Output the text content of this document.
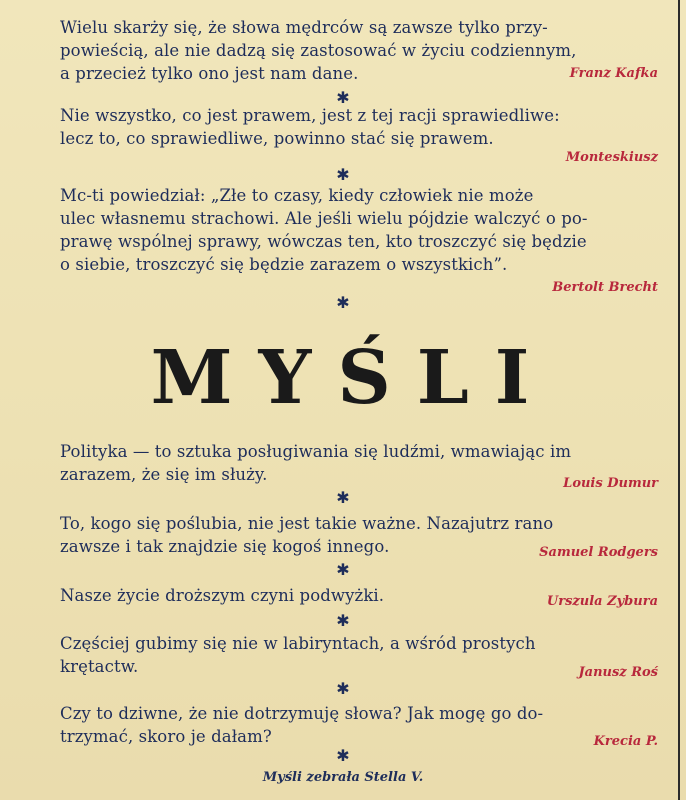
Wielu skarży się, że słowa mędrców są zawsze tylko przy-
powieścią, ale nie dadzą się zastosować w życiu codziennym,
a przecież tylko ono jest nam dane.	Franz Kafka
✱
Nie wszystko, co jest prawem, jest z tej racji sprawiedliwe:
lecz to, co sprawiedliwe, powinno stać się prawem.
Monteskiusz
✱
Mc-ti powiedział: „Złe to czasy, kiedy człowiek nie może
ulec własnemu strachowi. Ale jeśli wielu pójdzie walczyć o po-
prawę wspólnej sprawy, wówczas ten, kto troszczyć się będzie
o siebie, troszczyć się będzie zarazem o wszystkich”.
Bertolt Brecht
✱
MYŚLI
Polityka — to sztuka posługiwania się ludźmi, wmawiając im
zarazem, że się im służy.	Louis Dumur
✱
To, kogo się poślubia, nie jest takie ważne. Nazajutrz rano
zawsze i tak znajdzie się kogoś innego.	Samuel Rodgers
✱
Nasze życie droższym czyni podwyżki.	Urszula Zybura
✱
Częściej gubimy się nie w labiryntach, a wśród prostych
krętactw.	Janusz Roś
✱
Czy to dziwne, że nie dotrzymuję słowa? Jak mogę go do-
trzymać, skoro je dałam?	Krecia P.
✱
Myśli zebrała Stella V.
